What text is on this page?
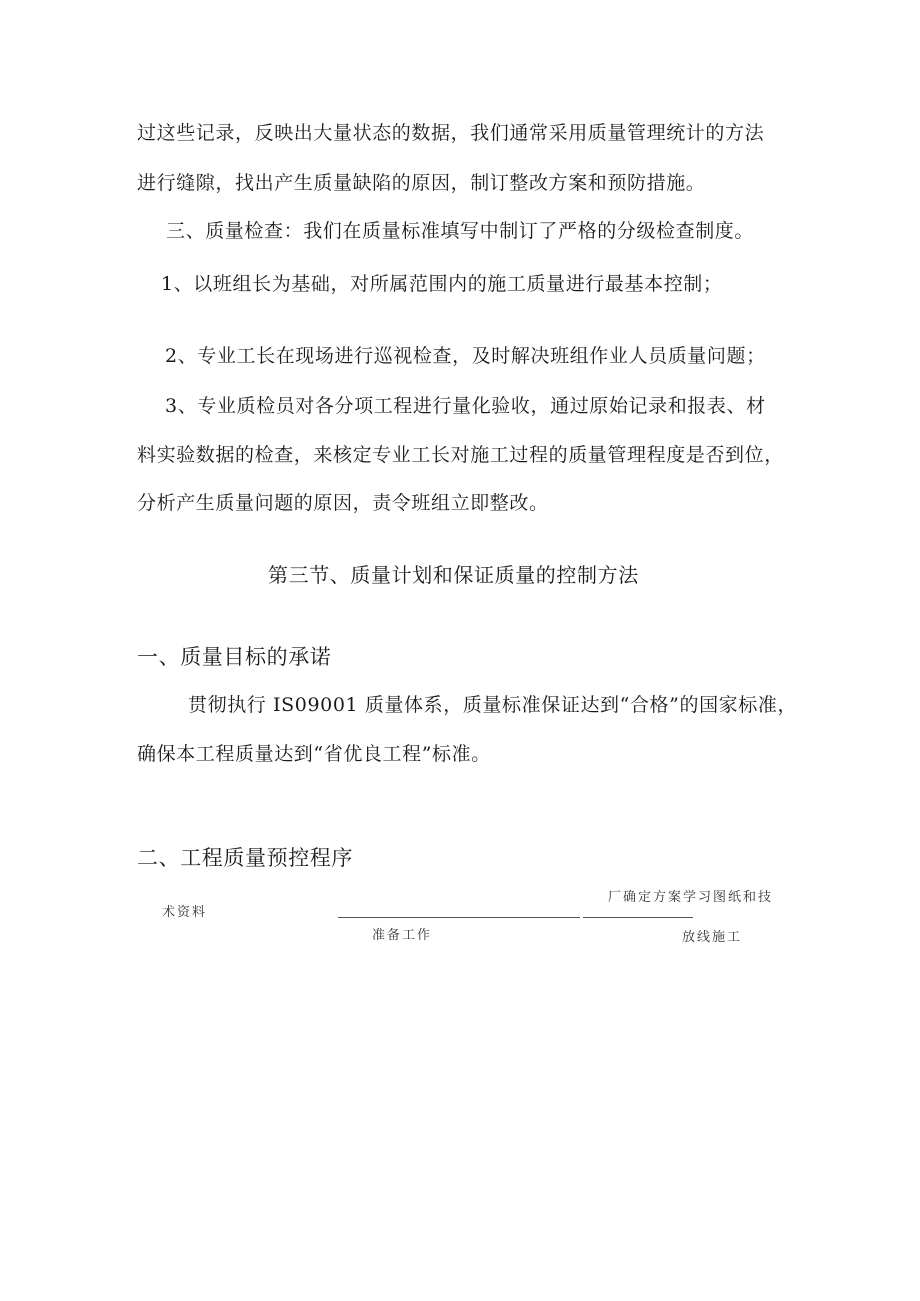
过这些记录，反映出大量状态的数据，我们通常采用质量管理统计的方法
进行缝隙，找出产生质量缺陷的原因，制订整改方案和预防措施。
三、质量检查：我们在质量标准填写中制订了严格的分级检查制度。
1、以班组长为基础，对所属范围内的施工质量进行最基本控制；
2、专业工长在现场进行巡视检查，及时解决班组作业人员质量问题；
3、专业质检员对各分项工程进行量化验收，通过原始记录和报表、材
料实验数据的检查，来核定专业工长对施工过程的质量管理程度是否到位，
分析产生质量问题的原因，责令班组立即整改。
第三节、质量计划和保证质量的控制方法
一、质量目标的承诺
贯彻执行 IS09001 质量体系，质量标准保证达到“合格”的国家标准，
确保本工程质量达到“省优良工程”标准。
二、工程质量预控程序
厂确定方案学习图纸和技
术资料
准备工作	放线施工
